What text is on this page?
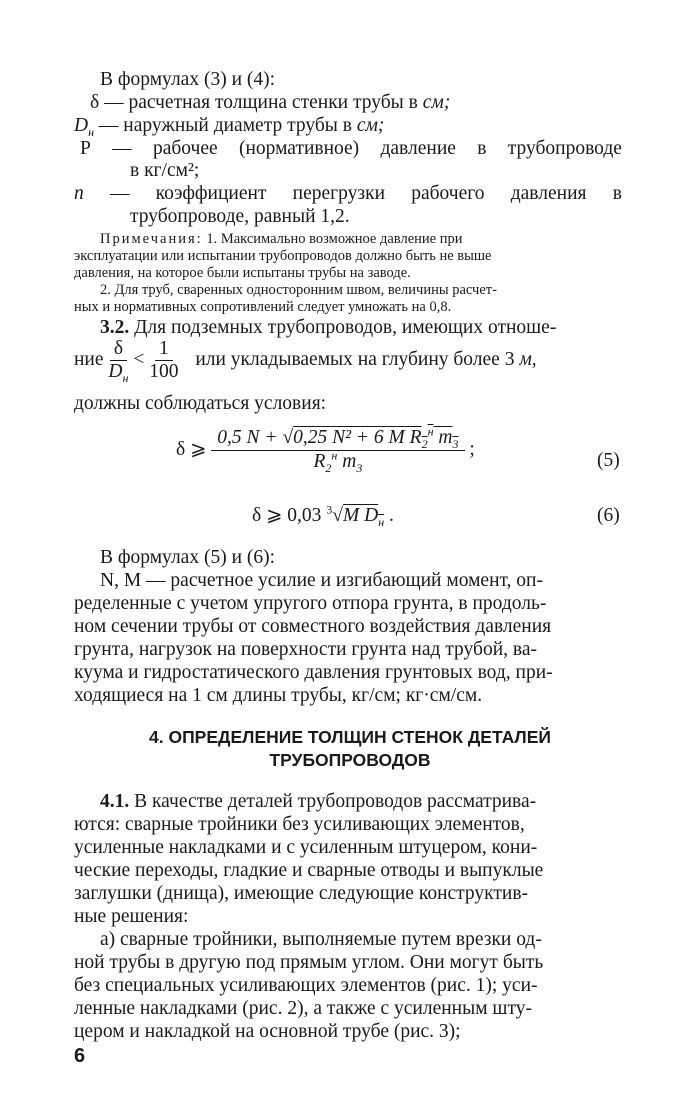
В формулах (3) и (4):
δ — расчетная толщина стенки трубы в см;
$D_н$ — наружный диаметр трубы в см;
P — рабочее (нормативное) давление в трубопроводе
в кг/см²;
n — коэффициент перегрузки рабочего давления в
трубопроводе, равный 1,2.
Примечания: 1. Максимально возможное давление при
эксплуатации или испытании трубопроводов должно быть не выше
давления, на которое были испытаны трубы на заводе.
2. Для труб, сваренных односторонним швом, величины расчет-
ных и нормативных сопротивлений следует умножать на 0,8.
3.2. Для подземных трубопроводов, имеющих отноше-
ние $\frac{\delta}{D_н} < \frac{1}{100}$ или укладываемых на глубину более 3 м,
должны соблюдаться условия:
δ ⩾ $\frac{0,5 N + √0,25 N^2 + 6 M R_2^н m_3}{R_2^н m_3}$ ;
(5)
δ ⩾ 0,03 $^3$√M $D_н$ .	(6)
В формулах (5) и (6):
N, M — расчетное усилие и изгибающий момент, оп-
ределенные с учетом упругого отпора грунта, в продоль-
ном сечении трубы от совместного воздействия давления
грунта, нагрузок на поверхности грунта над трубой, ва-
куума и гидростатического давления грунтовых вод, при-
ходящиеся на 1 см длины трубы, кг/см; кг·см/см.
4. ОПРЕДЕЛЕНИЕ ТОЛЩИН СТЕНОК ДЕТАЛЕЙ
ТРУБОПРОВОДОВ
4.1. В качестве деталей трубопроводов рассматрива-
ются: сварные тройники без усиливающих элементов,
усиленные накладками и с усиленным штуцером, кони-
ческие переходы, гладкие и сварные отводы и выпуклые
заглушки (днища), имеющие следующие конструктив-
ные решения:
а) сварные тройники, выполняемые путем врезки од-
ной трубы в другую под прямым углом. Они могут быть
без специальных усиливающих элементов (рис. 1); уси-
ленные накладками (рис. 2), а также с усиленным шту-
цером и накладкой на основной трубе (рис. 3);
6
